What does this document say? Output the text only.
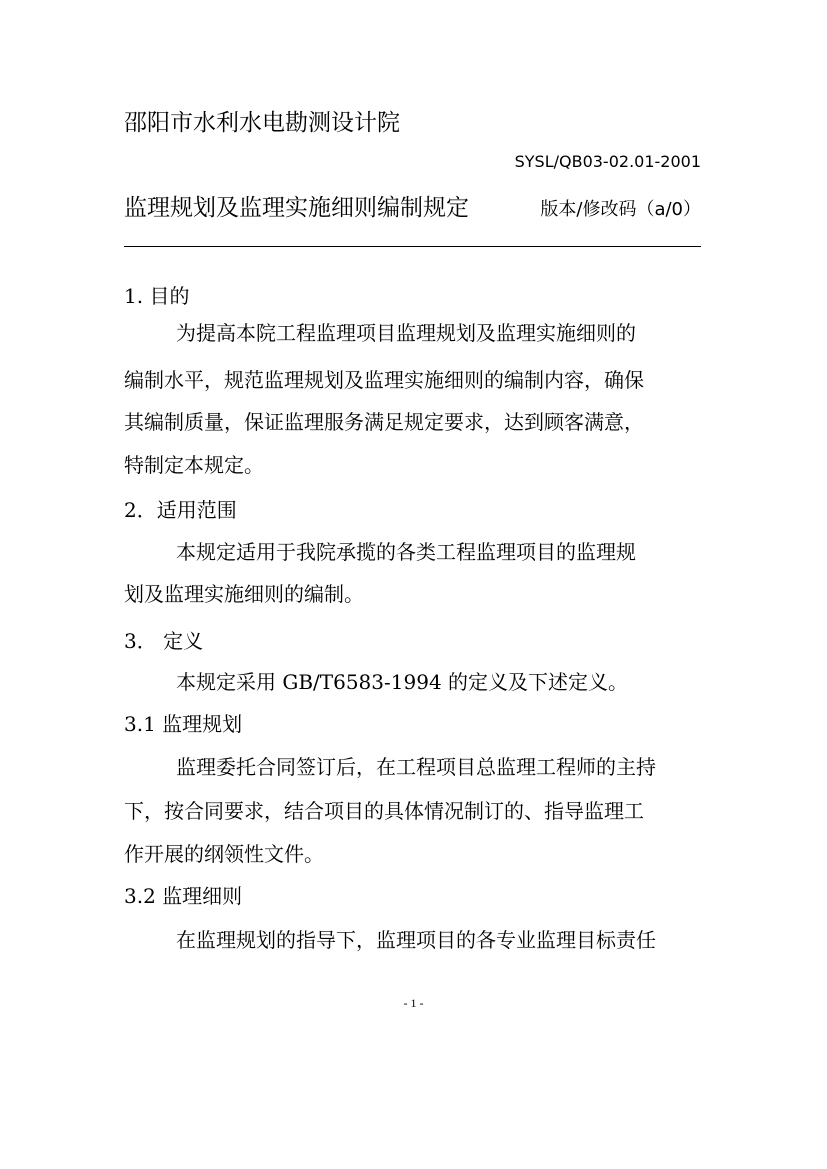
邵阳市水利水电勘测设计院
SYSL/QB03-02.01-2001
监理规划及监理实施细则编制规定	版本/修改码（a/0）
1. 目的
为提高本院工程监理项目监理规划及监理实施细则的
编制水平，规范监理规划及监理实施细则的编制内容，确保
其编制质量，保证监理服务满足规定要求，达到顾客满意，
特制定本规定。
2．适用范围
本规定适用于我院承揽的各类工程监理项目的监理规
划及监理实施细则的编制。
3． 定义
本规定采用 GB/T6583-1994 的定义及下述定义。
3.1 监理规划
监理委托合同签订后，在工程项目总监理工程师的主持
下，按合同要求，结合项目的具体情况制订的、指导监理工
作开展的纲领性文件。
3.2 监理细则
在监理规划的指导下，监理项目的各专业监理目标责任
- 1 -
